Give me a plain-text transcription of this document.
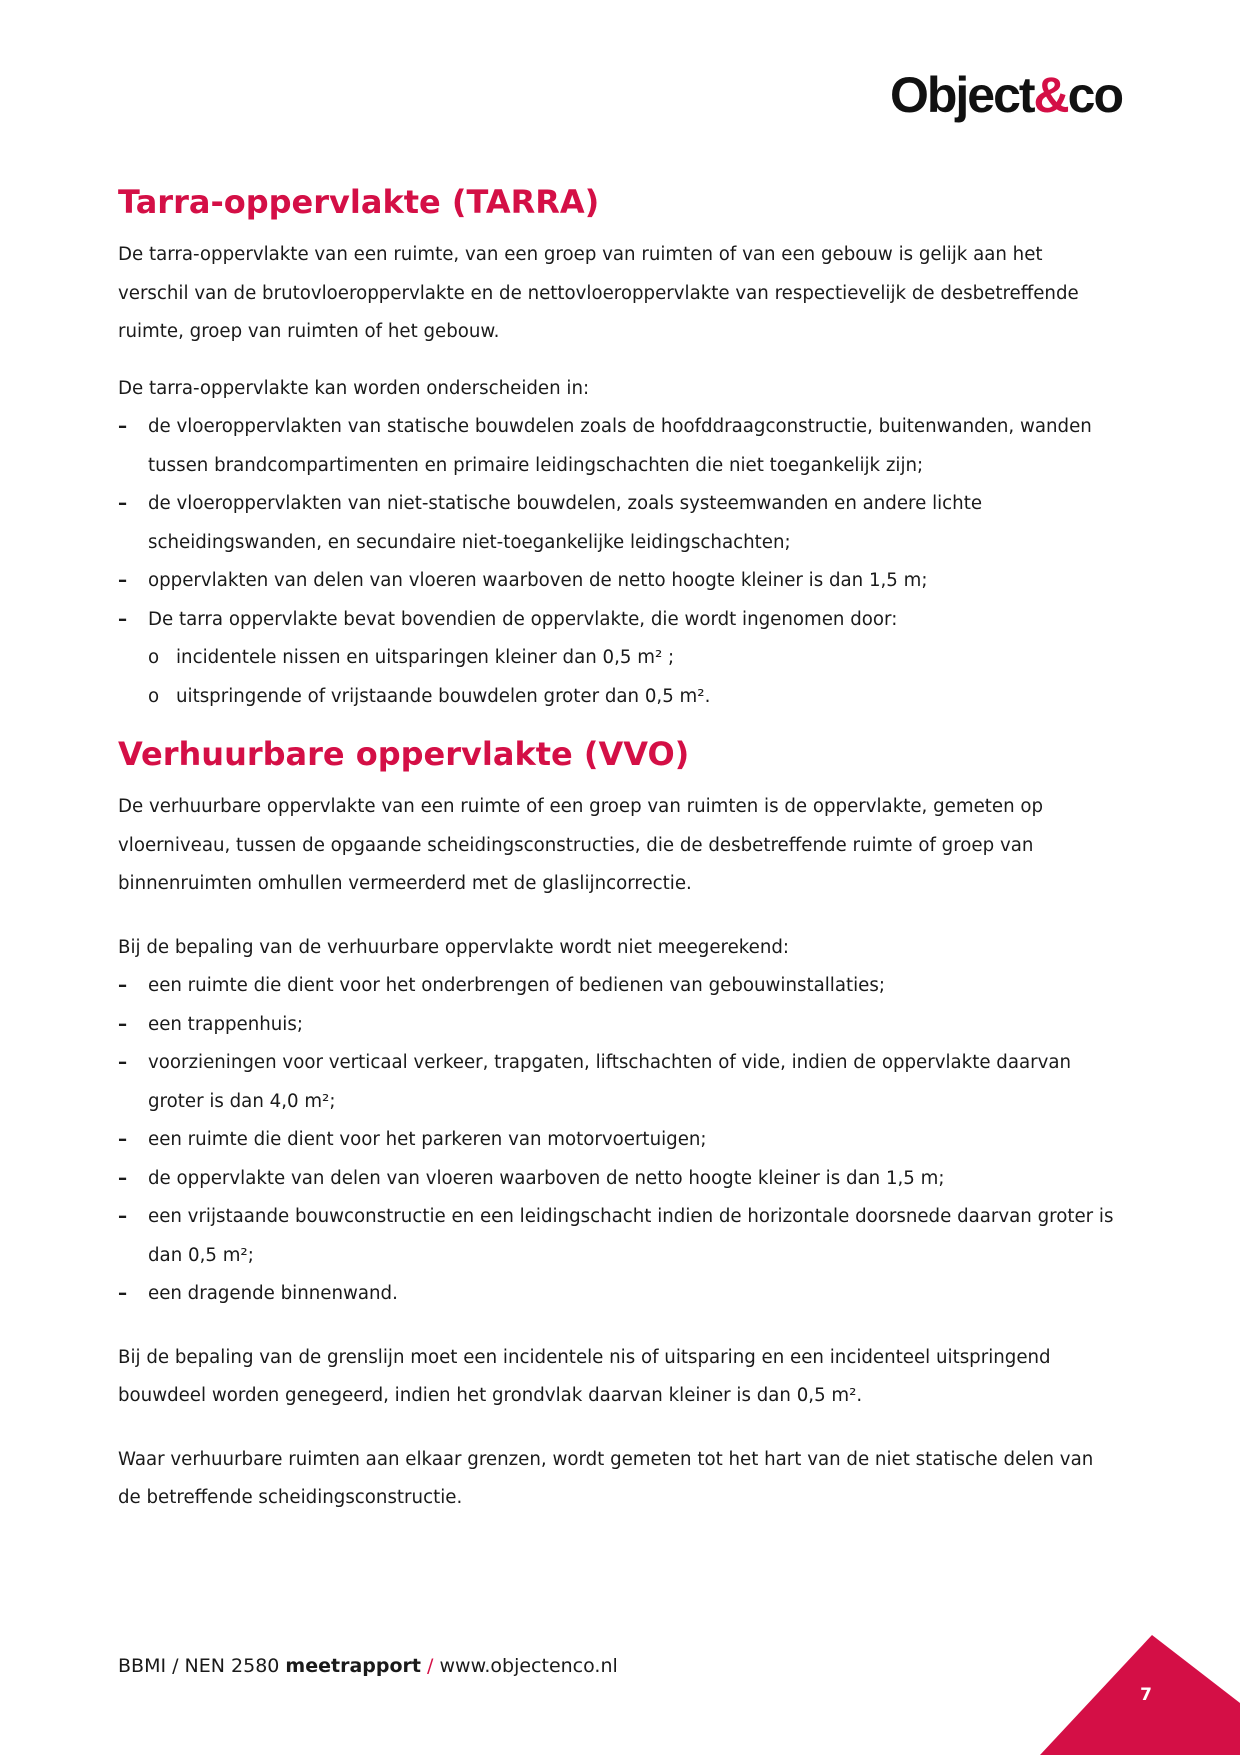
Object&co
Tarra-oppervlakte (TARRA)

De tarra-oppervlakte van een ruimte, van een groep van ruimten of van een gebouw is gelijk aan het verschil van de brutovloeroppervlakte en de nettovloeroppervlakte van respectievelijk de desbetreffende ruimte, groep van ruimten of het gebouw.

De tarra-oppervlakte kan worden onderscheiden in:

– de vloeroppervlakten van statische bouwdelen zoals de hoofddraagconstructie, buitenwanden, wanden tussen brandcompartimenten en primaire leidingschachten die niet toegankelijk zijn;
– de vloeroppervlakten van niet-statische bouwdelen, zoals systeemwanden en andere lichte scheidingswanden, en secundaire niet-toegankelijke leidingschachten;
– oppervlakten van delen van vloeren waarboven de netto hoogte kleiner is dan 1,5 m;
– De tarra oppervlakte bevat bovendien de oppervlakte, die wordt ingenomen door:
o incidentele nissen en uitsparingen kleiner dan 0,5 m² ;
o uitspringende of vrijstaande bouwdelen groter dan 0,5 m².
Verhuurbare oppervlakte (VVO)

De verhuurbare oppervlakte van een ruimte of een groep van ruimten is de oppervlakte, gemeten op vloerniveau, tussen de opgaande scheidingsconstructies, die de desbetreffende ruimte of groep van binnenruimten omhullen vermeerderd met de glaslijncorrectie.

Bij de bepaling van de verhuurbare oppervlakte wordt niet meegerekend:

– een ruimte die dient voor het onderbrengen of bedienen van gebouwinstallaties;
– een trappenhuis;
– voorzieningen voor verticaal verkeer, trapgaten, liftschachten of vide, indien de oppervlakte daarvan groter is dan 4,0 m²;
– een ruimte die dient voor het parkeren van motorvoertuigen;
– de oppervlakte van delen van vloeren waarboven de netto hoogte kleiner is dan 1,5 m;
– een vrijstaande bouwconstructie en een leidingschacht indien de horizontale doorsnede daarvan groter is dan 0,5 m²;
– een dragende binnenwand.

Bij de bepaling van de grenslijn moet een incidentele nis of uitsparing en een incidenteel uitspringend bouwdeel worden genegeerd, indien het grondvlak daarvan kleiner is dan 0,5 m².

Waar verhuurbare ruimten aan elkaar grenzen, wordt gemeten tot het hart van de niet statische delen van de betreffende scheidingsconstructie.

BBMI / NEN 2580 meetrapport / www.objectenco.nl
7
